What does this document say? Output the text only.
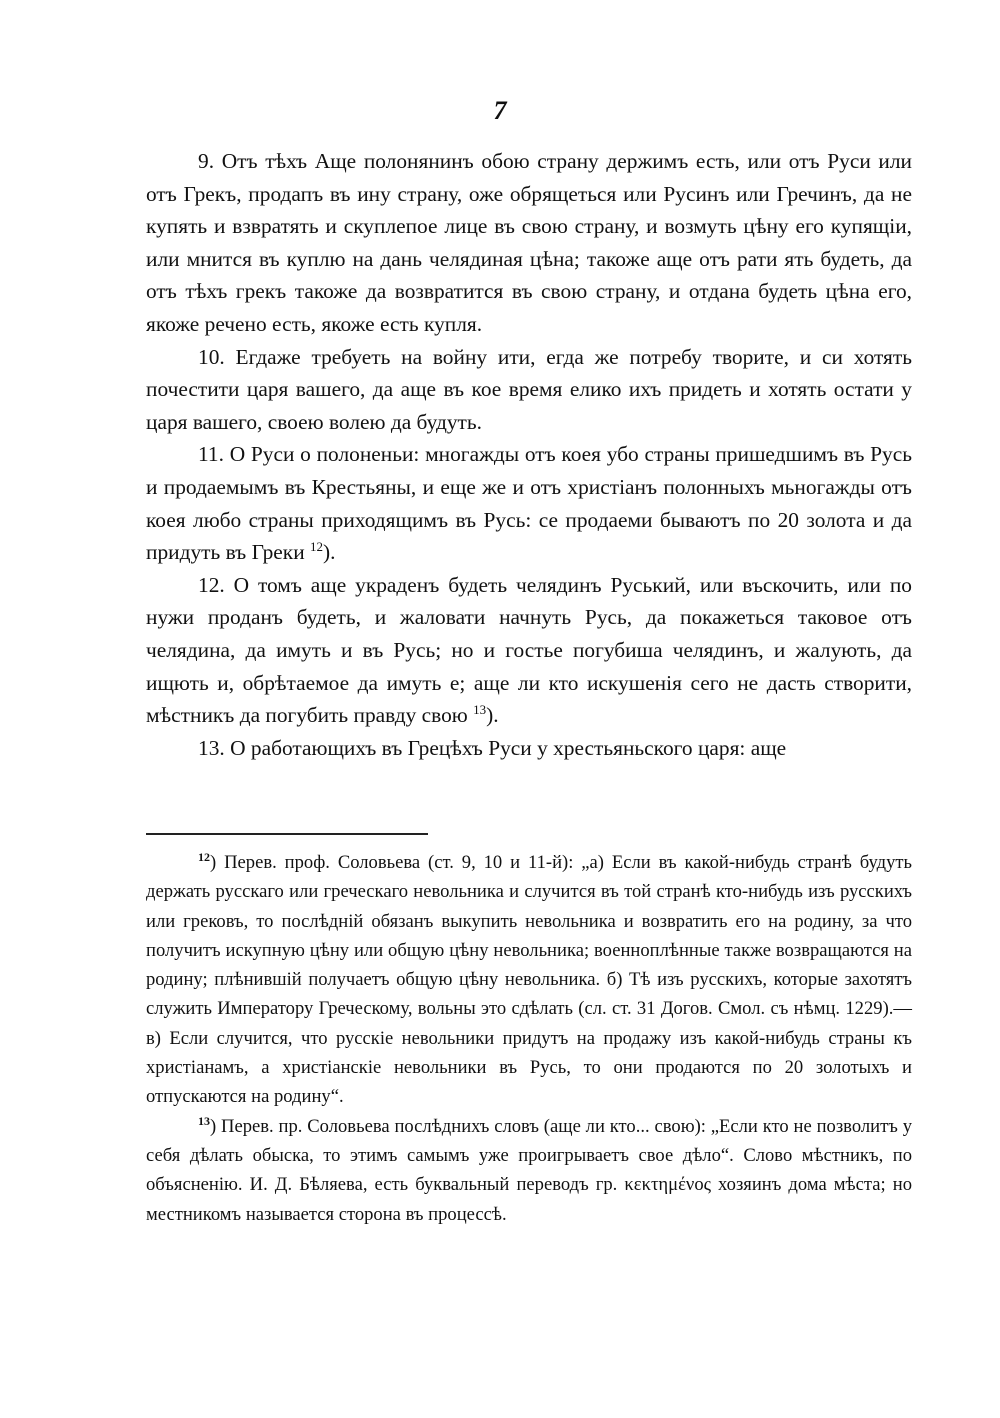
7

9. Отъ тѣхъ Аще полонянинъ обою страну держимъ есть, или отъ Руси или отъ Грекъ, продапъ въ ину страну, оже обрящеться или Русинъ или Гречинъ, да не купять и взвратять и скуплепое лице въ свою страну, и возмуть цѣну его купящіи, или мнится въ куплю на дань челядиная цѣна; такожe аще отъ рати ять будеть, да отъ тѣхъ грекъ такоже да возвратится въ свою страну, и отдана будеть цѣна его, якоже речено есть, якоже есть купля.

10. Егдаже требуеть на войну ити, егда же потребу творите, и си хотять почестити царя вашего, да аще въ кое время елико ихъ придеть и хотять остати у царя вашего, своею волею да будуть.

11. О Руси о полоненьи: многажды отъ коея убо страны пришедшимъ въ Русь и продаемымъ въ Крестьяны, и еще же и отъ христіанъ полонныхъ мьногажды отъ коея любо страны приходящимъ въ Русь: се продаеми бываютъ по 20 золота и да придуть въ Греки $^{12}$).

12. О томъ аще украденъ будеть челядинъ Руський, или въскочить, или по нужи проданъ будеть, и жаловати начнуть Русь, да покажеться таковое отъ челядина, да имуть и въ Русь; но и гостье погубиша челядинъ, и жалують, да ищють и, обрѣтаемое да имуть е; аще ли кто искушенія сего не дасть створити, мѣстникъ да погубить правду свою $^{13}$).

13. О работающихъ въ Грецѣхъ Руси у хрестьяньского царя: аще

$^{12}$) Перев. проф. Соловьева (ст. 9, 10 и 11-й): „а) Если въ какой-нибудь странѣ будуть держать русскаго или греческаго невольника и случится въ той странѣ кто-нибудь изъ русскихъ или грековъ, то послѣдній обязанъ выкупить невольника и возвратить его на родину, за что получитъ искупную цѣну или общую цѣну невольника; военноплѣнные также возвращаются на родину; плѣнившій получаетъ общую цѣну невольника. б) Тѣ изъ русскихъ, которые захотятъ служить Императору Греческому, вольны это сдѣлать (сл. ст. 31 Догов. Смол. съ нѣмц. 1229).—в) Если случится, что русскіе невольники придутъ на продажу изъ какой-нибудь страны къ христіанамъ, а христіанскіе невольники въ Русь, то они продаются по 20 золотыхъ и отпускаются на родину“.

$^{13}$) Перев. пр. Соловьева послѣднихъ словъ (аще ли кто... свою): „Если кто не позволитъ у себя дѣлать обыска, то этимъ самымъ уже проигрываетъ свое дѣло“. Слово мѣстникъ, по объясненію. И. Д. Бѣляева, есть буквальный переводъ гр. κεκτημένος хозяинъ дома мѣста; но местникомъ называется сторона въ процессѣ.
